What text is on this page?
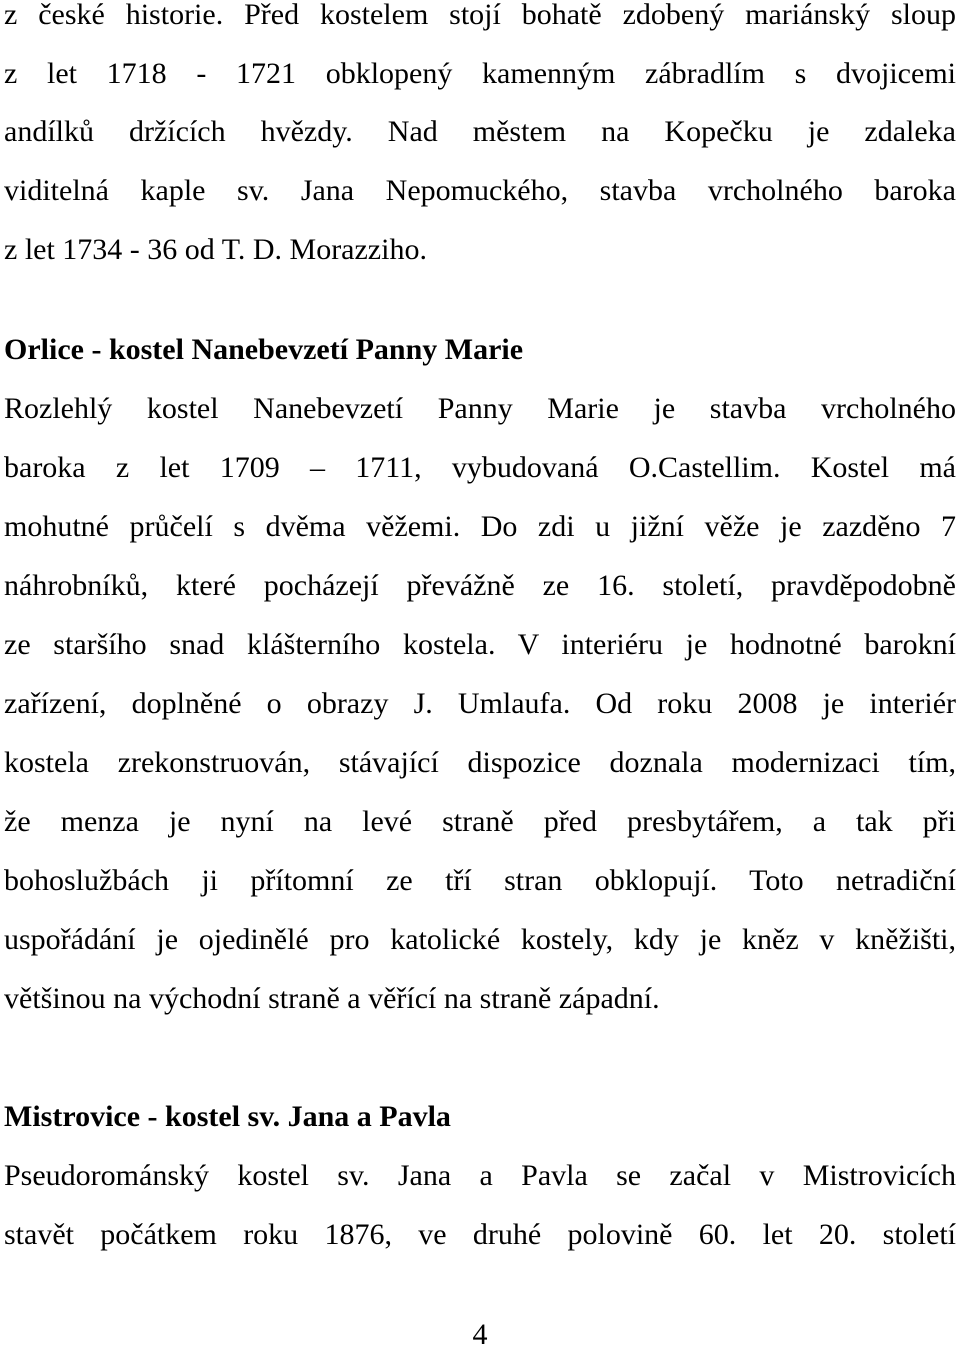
z české historie. Před kostelem stojí bohatě zdobený mariánský sloup
z let 1718 - 1721 obklopený kamenným zábradlím s dvojicemi
andílků držících hvězdy. Nad městem na Kopečku je zdaleka
viditelná kaple sv. Jana Nepomuckého, stavba vrcholného baroka
z let 1734 - 36 od T. D. Morazziho.
Orlice - kostel Nanebevzetí Panny Marie
Rozlehlý kostel Nanebevzetí Panny Marie je stavba vrcholného
baroka z let 1709 – 1711, vybudovaná O.Castellim. Kostel má
mohutné průčelí s dvěma věžemi. Do zdi u jižní věže je zazděno 7
náhrobníků, které pocházejí převážně ze 16. století, pravděpodobně
ze staršího snad klášterního kostela. V interiéru je hodnotné barokní
zařízení, doplněné o obrazy J. Umlaufa. Od roku 2008 je interiér
kostela zrekonstruován, stávající dispozice doznala modernizaci tím,
že menza je nyní na levé straně před presbytářem, a tak při
bohoslužbách ji přítomní ze tří stran obklopují. Toto netradiční
uspořádání je ojedinělé pro katolické kostely, kdy je kněz v kněžišti,
většinou na východní straně a věřící na straně západní.
Mistrovice - kostel sv. Jana a Pavla
Pseudorománský kostel sv. Jana a Pavla se začal v Mistrovicích
stavět počátkem roku 1876, ve druhé polovině 60. let 20. století
4
